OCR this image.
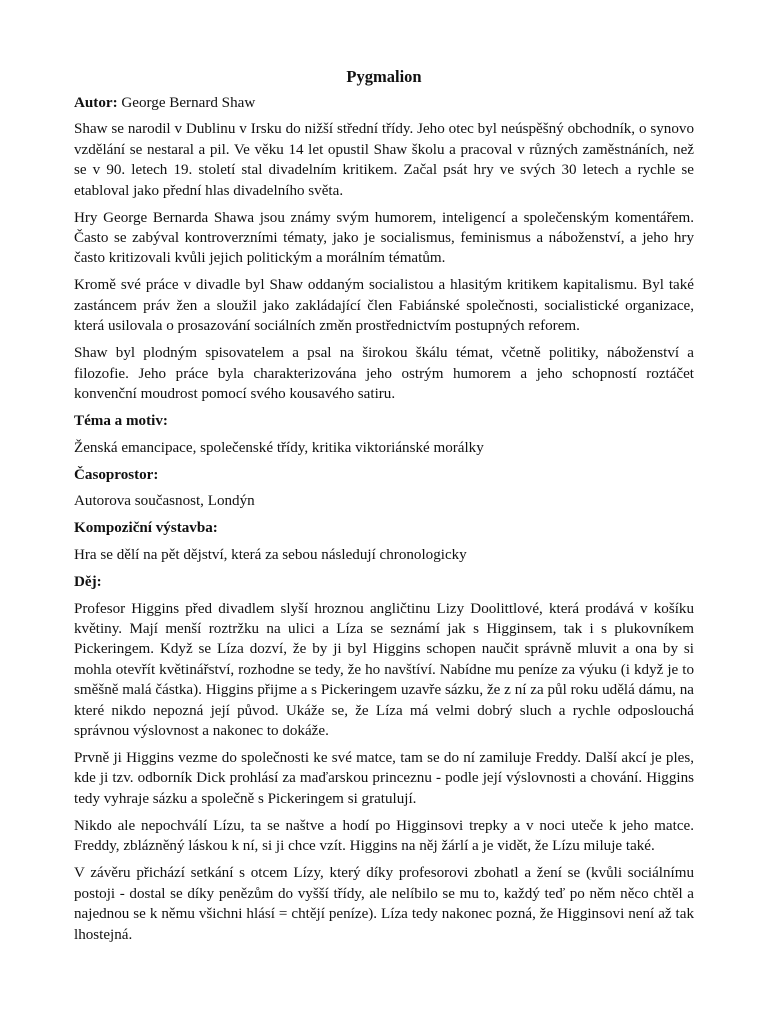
Pygmalion
Autor: George Bernard Shaw

Shaw se narodil v Dublinu v Irsku do nižší střední třídy. Jeho otec byl neúspěšný obchodník, o synovo vzdělání se nestaral a pil. Ve věku 14 let opustil Shaw školu a pracoval v různých zaměstnáních, než se v 90. letech 19. století stal divadelním kritikem. Začal psát hry ve svých 30 letech a rychle se etabloval jako přední hlas divadelního světa.

Hry George Bernarda Shawa jsou známy svým humorem, inteligencí a společenským komentářem. Často se zabýval kontroverzními tématy, jako je socialismus, feminismus a náboženství, a jeho hry často kritizovali kvůli jejich politickým a morálním tématům.

Kromě své práce v divadle byl Shaw oddaným socialistou a hlasitým kritikem kapitalismu. Byl také zastáncem práv žen a sloužil jako zakládající člen Fabiánské společnosti, socialistické organizace, která usilovala o prosazování sociálních změn prostřednictvím postupných reforem.

Shaw byl plodným spisovatelem a psal na širokou škálu témat, včetně politiky, náboženství a filozofie. Jeho práce byla charakterizována jeho ostrým humorem a jeho schopností roztáčet konvenční moudrost pomocí svého kousavého satiru.

Téma a motiv:
Ženská emancipace, společenské třídy, kritika viktoriánské morálky
Časoprostor:
Autorova současnost, Londýn
Kompoziční výstavba:
Hra se dělí na pět dějství, která za sebou následují chronologicky
Děj:

Profesor Higgins před divadlem slyší hroznou angličtinu Lizy Doolittlové, která prodává v košíku květiny. Mají menší roztržku na ulici a Líza se seznámí jak s Higginsem, tak i s plukovníkem Pickeringem. Když se Líza dozví, že by ji byl Higgins schopen naučit správně mluvit a ona by si mohla otevřít květinářství, rozhodne se tedy, že ho navštíví. Nabídne mu peníze za výuku (i když je to směšně malá částka). Higgins přijme a s Pickeringem uzavře sázku, že z ní za půl roku udělá dámu, na které nikdo nepozná její původ. Ukáže se, že Líza má velmi dobrý sluch a rychle odposlouchá správnou výslovnost a nakonec to dokáže.

Prvně ji Higgins vezme do společnosti ke své matce, tam se do ní zamiluje Freddy. Další akcí je ples, kde ji tzv. odborník Dick prohlásí za maďarskou princeznu - podle její výslovnosti a chování. Higgins tedy vyhraje sázku a společně s Pickeringem si gratulují.

Nikdo ale nepochválí Lízu, ta se naštve a hodí po Higginsovi trepky a v noci uteče k jeho matce. Freddy, zblázněný láskou k ní, si ji chce vzít. Higgins na něj žárlí a je vidět, že Lízu miluje také.

V závěru přichází setkání s otcem Lízy, který díky profesorovi zbohatl a žení se (kvůli sociálnímu postoji - dostal se díky penězům do vyšší třídy, ale nelíbilo se mu to, každý teď po něm něco chtěl a najednou se k němu všichni hlásí = chtějí peníze). Líza tedy nakonec pozná, že Higginsovi není až tak lhostejná.
